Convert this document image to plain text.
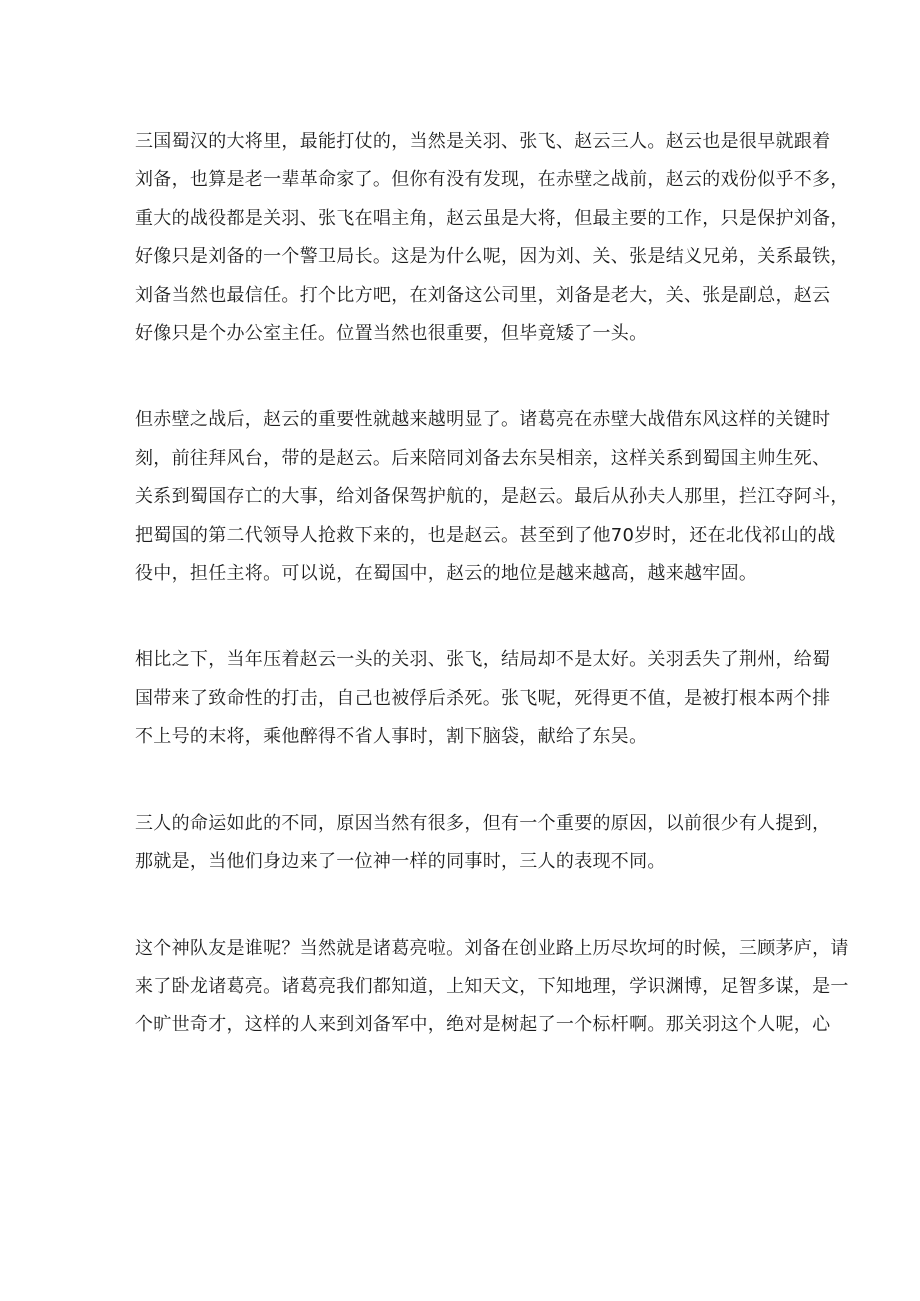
三国蜀汉的大将里，最能打仗的，当然是关羽、张飞、赵云三人。赵云也是很早就跟着
刘备，也算是老一辈革命家了。但你有没有发现，在赤壁之战前，赵云的戏份似乎不多，
重大的战役都是关羽、张飞在唱主角，赵云虽是大将，但最主要的工作，只是保护刘备，
好像只是刘备的一个警卫局长。这是为什么呢，因为刘、关、张是结义兄弟，关系最铁，
刘备当然也最信任。打个比方吧，在刘备这公司里，刘备是老大，关、张是副总，赵云
好像只是个办公室主任。位置当然也很重要，但毕竟矮了一头。

但赤壁之战后，赵云的重要性就越来越明显了。诸葛亮在赤壁大战借东风这样的关键时
刻，前往拜风台，带的是赵云。后来陪同刘备去东吴相亲，这样关系到蜀国主帅生死、
关系到蜀国存亡的大事，给刘备保驾护航的，是赵云。最后从孙夫人那里，拦江夺阿斗，
把蜀国的第二代领导人抢救下来的，也是赵云。甚至到了他70岁时，还在北伐祁山的战
役中，担任主将。可以说，在蜀国中，赵云的地位是越来越高，越来越牢固。

相比之下，当年压着赵云一头的关羽、张飞，结局却不是太好。关羽丢失了荆州，给蜀
国带来了致命性的打击，自己也被俘后杀死。张飞呢，死得更不值，是被打根本两个排
不上号的末将，乘他醉得不省人事时，割下脑袋，献给了东吴。

三人的命运如此的不同，原因当然有很多，但有一个重要的原因，以前很少有人提到，
那就是，当他们身边来了一位神一样的同事时，三人的表现不同。

这个神队友是谁呢？当然就是诸葛亮啦。刘备在创业路上历尽坎坷的时候，三顾茅庐，请
来了卧龙诸葛亮。诸葛亮我们都知道，上知天文，下知地理，学识渊博，足智多谋，是一
个旷世奇才，这样的人来到刘备军中，绝对是树起了一个标杆啊。那关羽这个人呢，心
